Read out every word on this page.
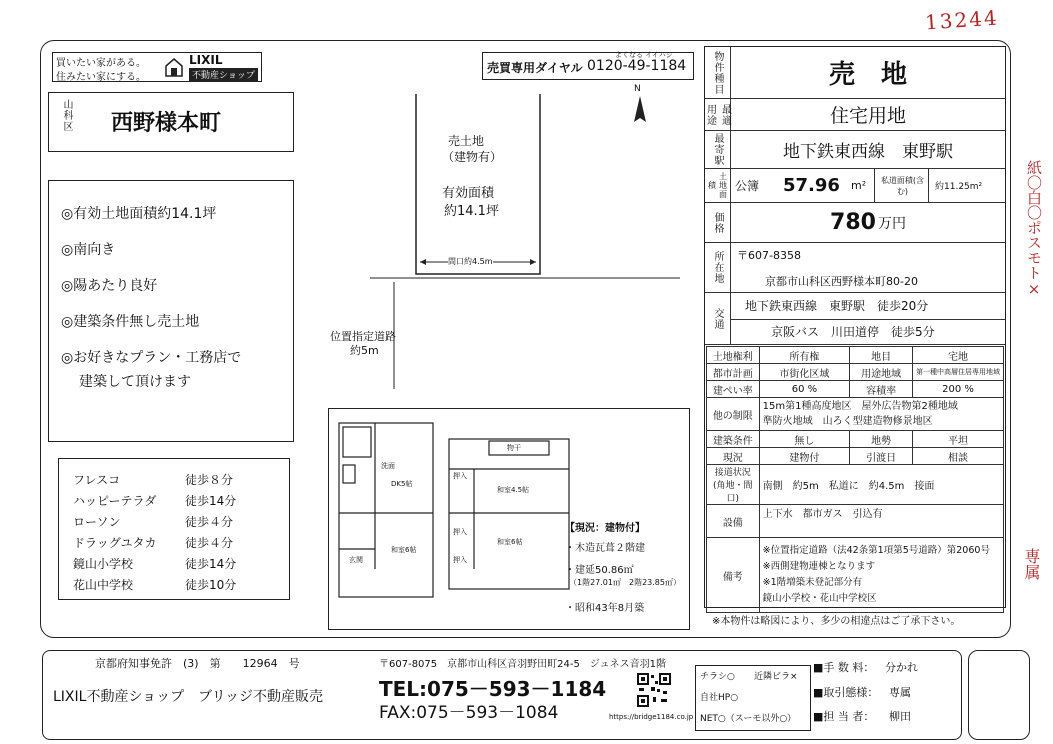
13244
買いたい家がある。
住みたい家にする。
LIXIL
不動産ショップ
よくなる イイハシ
売買専用ダイヤル 0120-49-1184
山科区 西野様本町
◎有効土地面積約14.1坪
◎南向き
◎陽あたり良好
◎建築条件無し売土地
◎お好きなプラン・工務店で
建築して頂けます
フレスコ	徒歩８分
ハッピーテラダ 徒歩14分
ローソン	徒歩４分
ドラッグユタカ 徒歩４分
鏡山小学校	徒歩14分
花山中学校	徒歩10分
N
売土地
（建物有）
有効面積
約14.1坪
間口約4.5m
位置指定道路
約5m
DK5帖
和室6帖
洗面
玄関
物干
押入
和室4.5帖
押入
和室6帖
押入
【現況：建物付】
・木造瓦葺２階建
・建延50.86㎡
（1階27.01㎡　2階23.85㎡）
・昭和43年8月築
物件種目	売　地
最適用途	住宅用地
最寄駅	地下鉄東西線　東野駅
土地面積	公簿	57.96	m²	私道面積(含む)	約11.25m²
価格	780 万円
所在地	〒607-8358
京都市山科区西野様本町80-20
交通
地下鉄東西線　東野駅　徒歩20分
京阪バス　川田道停　徒歩5分
土地権利	所有権	地目	宅地
都市計画	市街化区域	用途地域	第一種中高層住居専用地域
建ぺい率	60 %	容積率	200 %
他の制限	15m第1種高度地区　屋外広告物第2種地域
準防火地域　山ろく型建造物修景地区		

建築条件	無し	地勢	平坦
現況	建物付	引渡日	相談
接道状況(角地・間口)	南側　約5m　私道に　約4.5m　接面		
設備	上下水　都市ガス　引込有		
備考	※位置指定道路（法42条第1項第5号道路）第2060号
※西側建物連棟となります
※1階増築未登記部分有
鏡山小学校・花山中学校区		
※本物件は略図により、多少の相違点はご了承下さい。
紙〇白〇ポスモト×
専属
京都府知事免許　(3)　第　　12964　号	〒607-8075　京都市山科区音羽野田町24-5　ジュネス音羽1階
LIXIL不動産ショップ　ブリッジ不動産販売	TEL:075－593－1184
FAX:075－593－1084	https://bridge1184.co.jp
チラシ○ 近隣ビラ×
自社HP○
NET○（スーモ以外○）
■手 数 料： 分かれ
■取引態様： 専属
■担 当 者： 柳田
